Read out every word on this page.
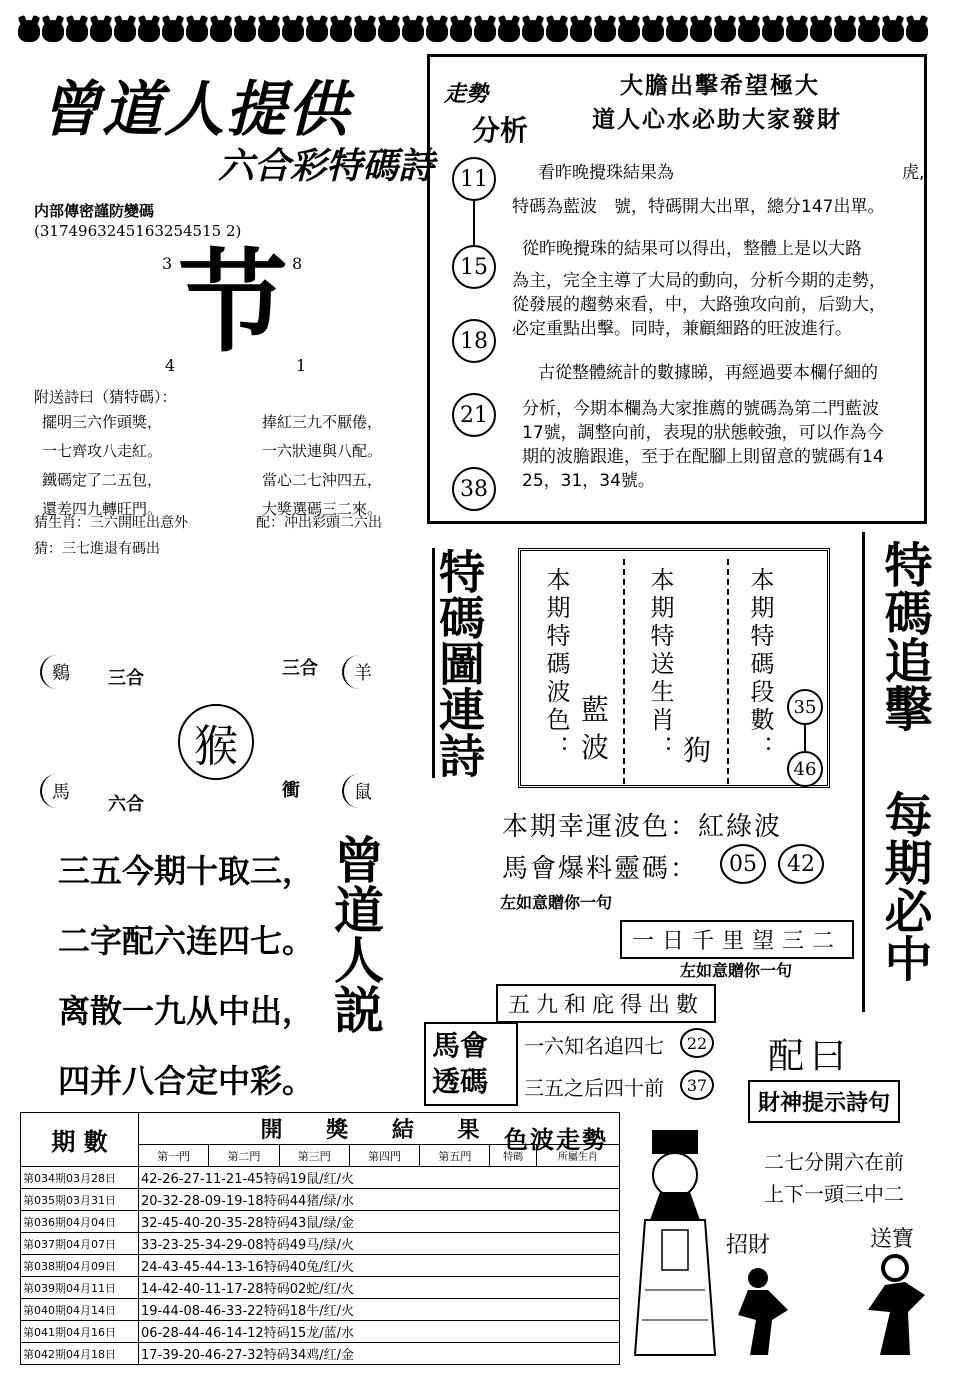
曾道人提供
六合彩特碼詩
内部傳密謹防變碼
(3174963245163254515 2)
3	8
节
4	1
附送詩曰（猜特碼）：
擺明三六作頭獎，
一七齊攻八走紅。
鐵碼定了二五包，
還差四九轉旺門。
捧紅三九不厭倦，
一六狀連與八配。
當心二七沖四五，
大獎選碼三二來。
猜生肖：三六開旺出意外	配：冲出彩頭二六出
猜：三七進退有碼出
鷄 三合	三合	羊
猴
馬
六合
衝	鼠
三五今期十取三，
二字配六连四七。
离散一九从中出，
四并八合定中彩。
曾道人説
走勢
分析
大膽出擊希望極大
道人心水必助大家發財
11
15
18
21
38
看昨晚攪珠結果為	虎,
特碼為藍波　號，特碼開大出單，總分147出單。
從昨晚攪珠的結果可以得出，整體上是以大路
為主，完全主導了大局的動向，分析今期的走勢，
從發展的趨勢來看，中，大路強攻向前，后勁大，
必定重點出擊。同時，兼顧細路的旺波進行。
古從整體統計的數據睇，再經過要本欄仔細的
分析，今期本欄為大家推薦的號碼為第二門藍波
17號，調整向前，表現的狀態較強，可以作為今
期的波膽跟進，至于在配腳上則留意的號碼有14
25，31，34號。
特碼圖連詩 本期特碼波色： 藍波 本期特送生肖： 狗 本期特碼段數：	35
46
本期幸運波色：紅綠波
馬會爆料靈碼：	05	42
左如意贈你一句
一日千里望三二
左如意贈你一句
五九和庇得出數
特碼追擊
每期必中
馬會
透碼
一六知名追四七	22
三五之后四十前	37
配曰
財神提示詩句
二七分開六在前
上下一頭三中二
招財	送寶
期 數	開 獎 結 果						
	第一門	第二門	第三門	第四門	第五門	特碼	所屬生肖
第034期03月28日	42-26-27-11-21-45特码19鼠/红/火						
第035期03月31日	20-32-28-09-19-18特码44猪/绿/水						
第036期04月04日	32-45-40-20-35-28特码43鼠/绿/金						
第037期04月07日	33-23-25-34-29-08特码49马/绿/火						
第038期04月09日	24-43-45-44-13-16特码40兔/红/火						
第039期04月11日	14-42-40-11-17-28特码02蛇/红/火						
第040期04月14日	19-44-08-46-33-22特码18牛/红/火						
第041期04月16日	06-28-44-46-14-12特码15龙/蓝/水						
第042期04月18日	17-39-20-46-27-32特码34鸡/红/金						
色波走勢
